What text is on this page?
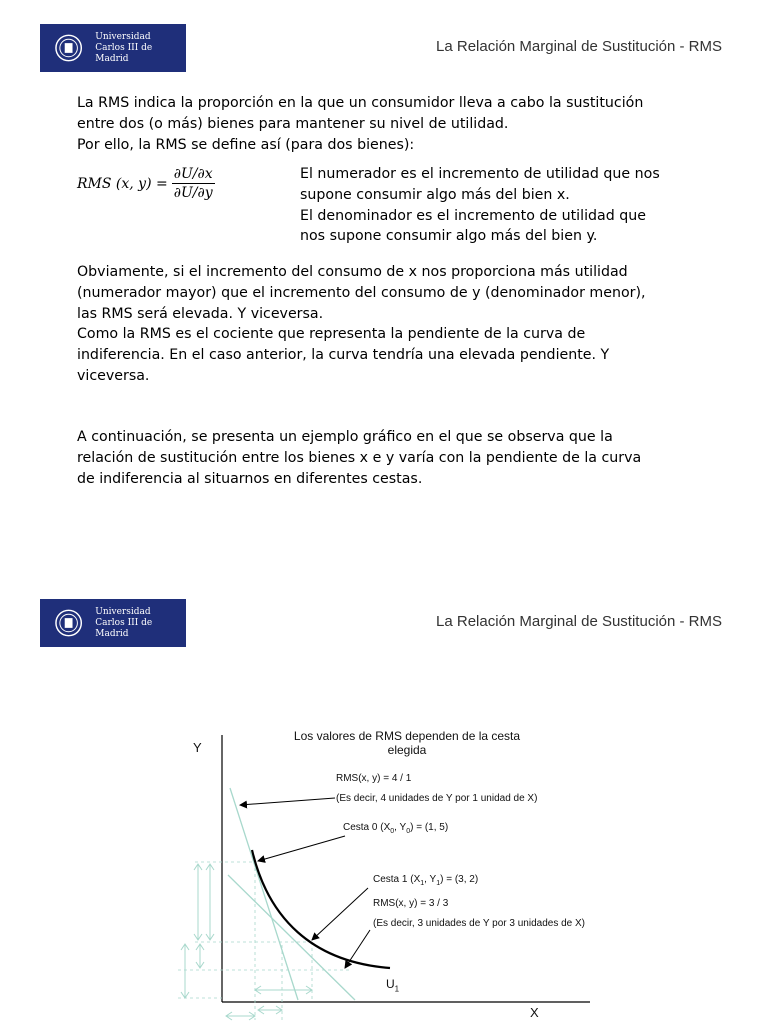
Universidad
Carlos III de Madrid
La Relación Marginal de Sustitución - RMS
La RMS indica la proporción en la que un consumidor lleva a cabo la sustitución
entre dos (o más) bienes para mantener su nivel de utilidad.
Por ello, la RMS se define así (para dos bienes):
RMS (x, $y) = \frac{\partial U/\partial x}{\partial U/\partial y}$	El numerador es el incremento de utilidad que nos
supone consumir algo más del bien x.
El denominador es el incremento de utilidad que
nos supone consumir algo más del bien y.
Obviamente, si el incremento del consumo de x nos proporciona más utilidad
(numerador mayor) que el incremento del consumo de y (denominador menor),
las RMS será elevada. Y viceversa.
Como la RMS es el cociente que representa la pendiente de la curva de
indiferencia. En el caso anterior, la curva tendría una elevada pendiente. Y
viceversa.
A continuación, se presenta un ejemplo gráfico en el que se observa que la
relación de sustitución entre los bienes x e y varía con la pendiente de la curva
de indiferencia al situarnos en diferentes cestas.
Universidad
Carlos III de Madrid
La Relación Marginal de Sustitución - RMS
Los valores de RMS dependen de la cesta
elegida
Y
X
RMS(x, y) = 4 / 1
(Es decir, 4 unidades de Y por 1 unidad de X)
Cesta 0 ($X_0$, $Y_0) = (1$, 5)
Cesta 1 ($X_1$, $Y_1) = (3$, 2)
RMS(x, y) = 3 / 3
(Es decir, 3 unidades de Y por 3 unidades de X)
$U_1$
